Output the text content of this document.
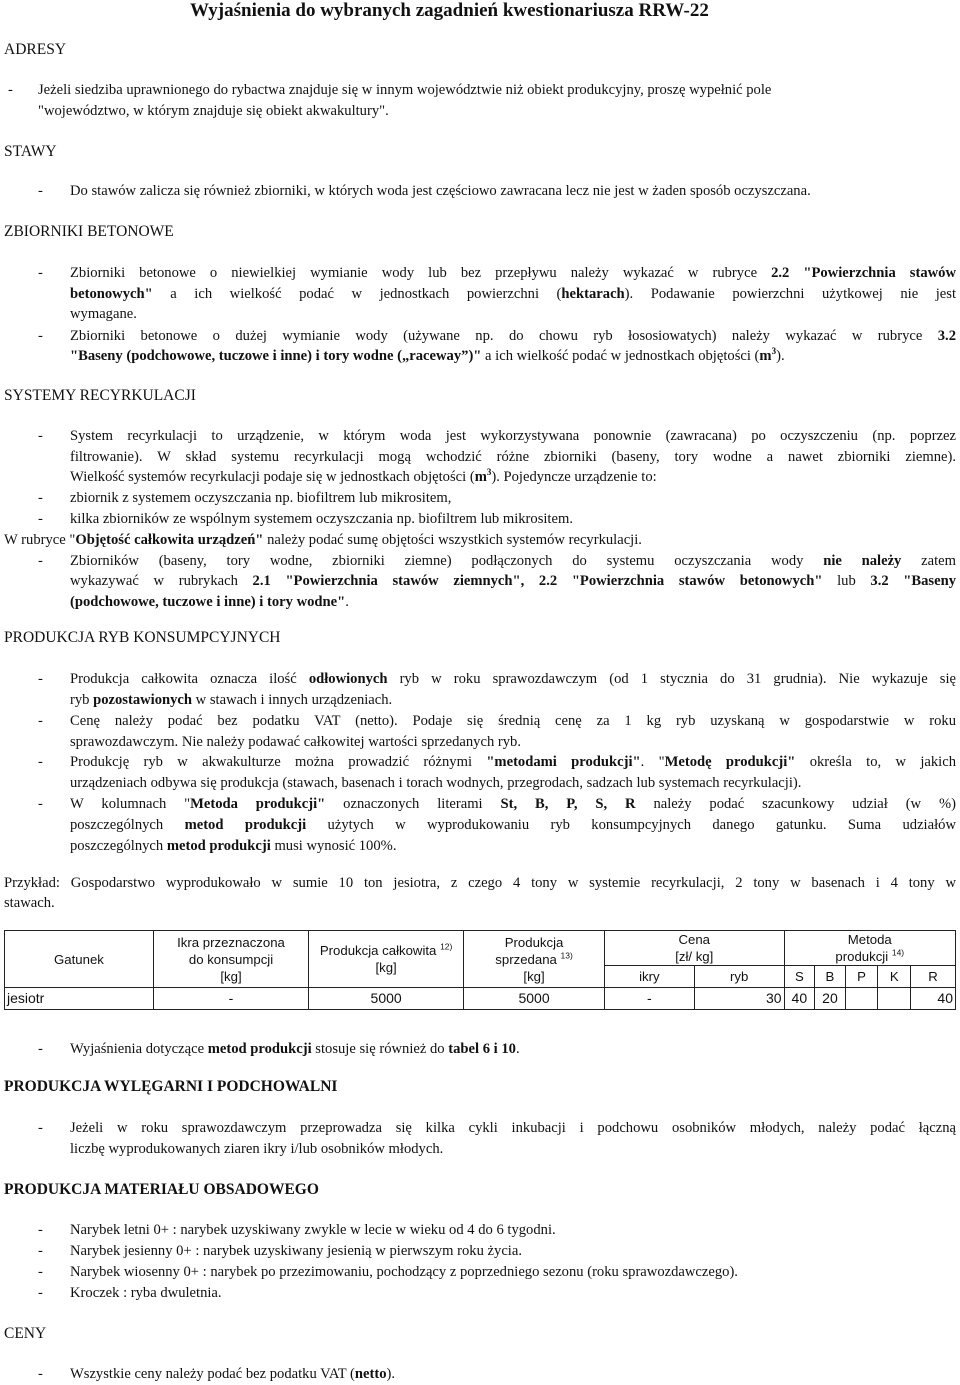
Wyjaśnienia do wybranych zagadnień kwestionariusza RRW-22
ADRESY
-	Jeżeli siedziba uprawnionego do rybactwa znajduje się w innym województwie niż obiekt produkcyjny, proszę wypełnić pole
"województwo, w którym znajduje się obiekt akwakultury".
STAWY
-	Do stawów zalicza się również zbiorniki, w których woda jest częściowo zawracana lecz nie jest w żaden sposób oczyszczana.
ZBIORNIKI BETONOWE
-	Zbiorniki betonowe o niewielkiej wymianie wody lub bez przepływu należy wykazać w rubryce 2.2 "Powierzchnia stawów
betonowych" a ich wielkość podać w jednostkach powierzchni (hektarach). Podawanie powierzchni użytkowej nie jest
wymagane.
-	Zbiorniki betonowe o dużej wymianie wody (używane np. do chowu ryb łososiowatych) należy wykazać w rubryce 3.2
"Baseny (podchowowe, tuczowe i inne) i tory wodne („raceway”)" a ich wielkość podać w jednostkach objętości $(m^3)$.
SYSTEMY RECYRKULACJI
-	System recyrkulacji to urządzenie, w którym woda jest wykorzystywana ponownie (zawracana) po oczyszczeniu (np. poprzez
filtrowanie). W skład systemu recyrkulacji mogą wchodzić różne zbiorniki (baseny, tory wodne a nawet zbiorniki ziemne).
Wielkość systemów recyrkulacji podaje się w jednostkach objętości $(m^3)$. Pojedyncze urządzenie to:
-	zbiornik z systemem oczyszczania np. biofiltrem lub mikrositem,
-	kilka zbiorników ze wspólnym systemem oczyszczania np. biofiltrem lub mikrositem.
W rubryce "Objętość całkowita urządzeń" należy podać sumę objętości wszystkich systemów recyrkulacji.
-	Zbiorników (baseny, tory wodne, zbiorniki ziemne) podłączonych do systemu oczyszczania wody nie należy zatem
wykazywać w rubrykach 2.1 "Powierzchnia stawów ziemnych", 2.2 "Powierzchnia stawów betonowych" lub 3.2 "Baseny
(podchowowe, tuczowe i inne) i tory wodne".
PRODUKCJA RYB KONSUMPCYJNYCH
-	Produkcja całkowita oznacza ilość odłowionych ryb w roku sprawozdawczym (od 1 stycznia do 31 grudnia). Nie wykazuje się
ryb pozostawionych w stawach i innych urządzeniach.
-	Cenę należy podać bez podatku VAT (netto). Podaje się średnią cenę za 1 kg ryb uzyskaną w gospodarstwie w roku
sprawozdawczym. Nie należy podawać całkowitej wartości sprzedanych ryb.
-	Produkcję ryb w akwakulturze można prowadzić różnymi "metodami produkcji". "Metodę produkcji" określa to, w jakich
urządzeniach odbywa się produkcja (stawach, basenach i torach wodnych, przegrodach, sadzach lub systemach recyrkulacji).
-	W kolumnach "Metoda produkcji" oznaczonych literami St, B, P, S, R należy podać szacunkowy udział (w %)
poszczególnych metod produkcji użytych w wyprodukowaniu ryb konsumpcyjnych danego gatunku. Suma udziałów
poszczególnych metod produkcji musi wynosić 100%.
Przykład: Gospodarstwo wyprodukowało w sumie 10 ton jesiotra, z czego 4 tony w systemie recyrkulacji, 2 tony w basenach i 4 tony w
stawach.
Gatunek	Ikra przeznaczona
do konsumpcji
[kg]	Produkcja całkowita $^{12)}$
[kg]	Produkcja
sprzedana $^{13)}$
[kg]	Cena
[zł/ kg]		Metoda
produkcji $^{14)}$
				ikry	ryb	S	B	P	K	R
jesiotr	-	5000	5000	-	30	40	20			40
-	Wyjaśnienia dotyczące metod produkcji stosuje się również do tabel 6 i 10.
PRODUKCJA WYLĘGARNI I PODCHOWALNI
-	Jeżeli w roku sprawozdawczym przeprowadza się kilka cykli inkubacji i podchowu osobników młodych, należy podać łączną
liczbę wyprodukowanych ziaren ikry i/lub osobników młodych.
PRODUKCJA MATERIAŁU OBSADOWEGO
-	Narybek letni 0+ : narybek uzyskiwany zwykle w lecie w wieku od 4 do 6 tygodni.
-	Narybek jesienny 0+ : narybek uzyskiwany jesienią w pierwszym roku życia.
-	Narybek wiosenny 0+ : narybek po przezimowaniu, pochodzący z poprzedniego sezonu (roku sprawozdawczego).
-	Kroczek : ryba dwuletnia.
CENY
-	Wszystkie ceny należy podać bez podatku VAT (netto).
